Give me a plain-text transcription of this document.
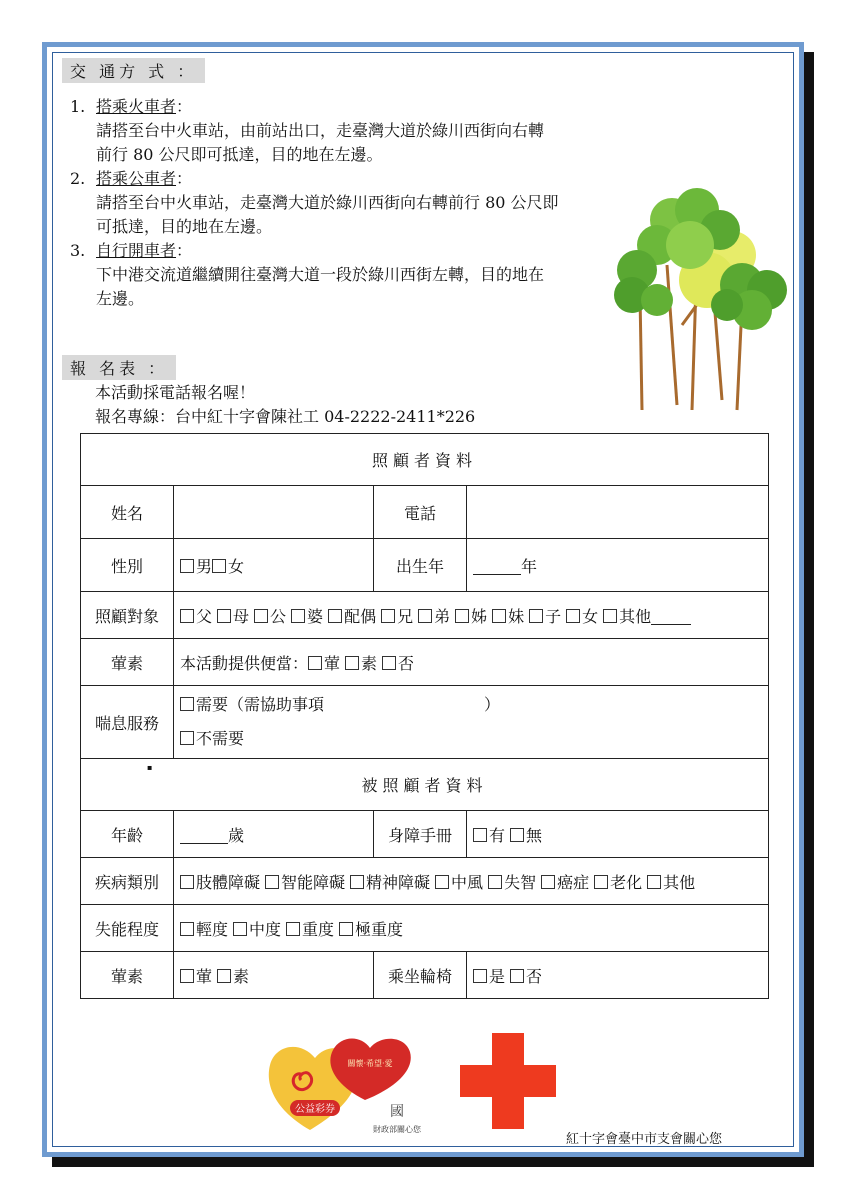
交 通方 式 ：
1. 搭乘火車者：
請搭至台中火車站，由前站出口，走臺灣大道於綠川西街向右轉
前行 80 公尺即可抵達，目的地在左邊。
2. 搭乘公車者：
請搭至台中火車站，走臺灣大道於綠川西街向右轉前行 80 公尺即
可抵達，目的地在左邊。
3. 自行開車者：
下中港交流道繼續開往臺灣大道一段於綠川西街左轉，目的地在
左邊。
報 名表 ：
本活動採電話報名喔！
報名專線：台中紅十字會陳社工 04-2222-2411*226
照顧者資料			
姓名		電話	
性別	男 女	出生年	年
照顧對象	父 母 公 婆 配偶 兄 弟 姊 妹 子 女 其他		
葷素	本活動提供便當： 葷 素 否		
喘息服務	需要（需協助事項 ）
不需要		

▪
被照顧者資料			
年齡	歲	身障手冊	有 無
疾病類別	肢體障礙 智能障礙 精神障礙 中風 失智 癌症 老化 其他		
失能程度	輕度 中度 重度 極重度		
葷素	葷 素	乘坐輪椅	是 否
關懷·希望·愛
公益彩券	國
財政部關心您
紅十字會臺中市支會關心您
